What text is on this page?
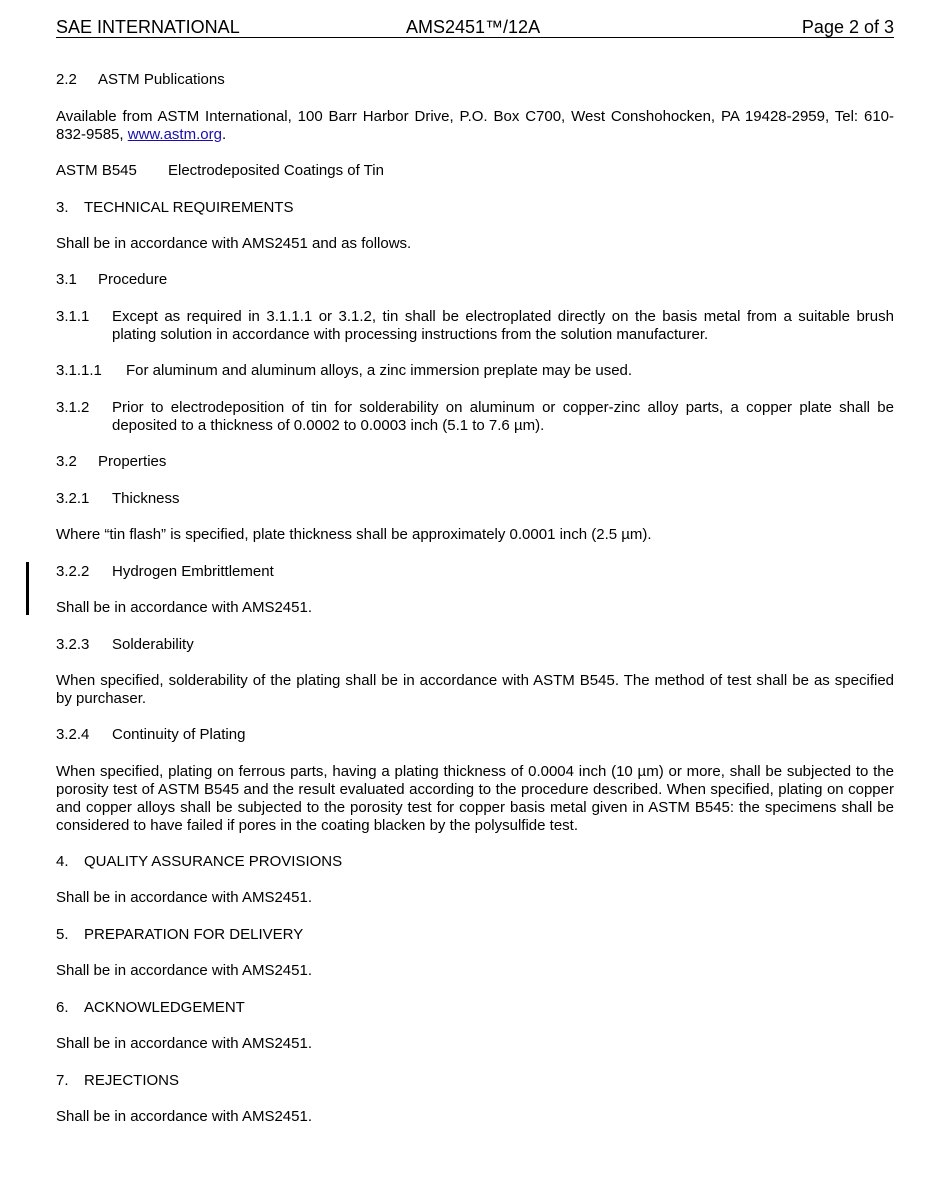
SAE INTERNATIONAL	AMS2451™/12A	Page 2 of 3
2.2 ASTM Publications
Available from ASTM International, 100 Barr Harbor Drive, P.O. Box C700, West Conshohocken, PA 19428-2959, Tel: 610-832-9585, www.astm.org.
ASTM B545 Electrodeposited Coatings of Tin
3. TECHNICAL REQUIREMENTS
Shall be in accordance with AMS2451 and as follows.
3.1 Procedure
3.1.1	Except as required in 3.1.1.1 or 3.1.2, tin shall be electroplated directly on the basis metal from a suitable brush plating solution in accordance with processing instructions from the solution manufacturer.
3.1.1.1 For aluminum and aluminum alloys, a zinc immersion preplate may be used.
3.1.2	Prior to electrodeposition of tin for solderability on aluminum or copper-zinc alloy parts, a copper plate shall be deposited to a thickness of 0.0002 to 0.0003 inch (5.1 to 7.6 µm).
3.2 Properties
3.2.1 Thickness
Where “tin flash” is specified, plate thickness shall be approximately 0.0001 inch (2.5 µm).
3.2.2 Hydrogen Embrittlement
Shall be in accordance with AMS2451.
3.2.3 Solderability
When specified, solderability of the plating shall be in accordance with ASTM B545. The method of test shall be as specified by purchaser.
3.2.4 Continuity of Plating
When specified, plating on ferrous parts, having a plating thickness of 0.0004 inch (10 µm) or more, shall be subjected to the porosity test of ASTM B545 and the result evaluated according to the procedure described. When specified, plating on copper and copper alloys shall be subjected to the porosity test for copper basis metal given in ASTM B545: the specimens shall be considered to have failed if pores in the coating blacken by the polysulfide test.
4. QUALITY ASSURANCE PROVISIONS
Shall be in accordance with AMS2451.
5. PREPARATION FOR DELIVERY
Shall be in accordance with AMS2451.
6. ACKNOWLEDGEMENT
Shall be in accordance with AMS2451.
7. REJECTIONS
Shall be in accordance with AMS2451.
